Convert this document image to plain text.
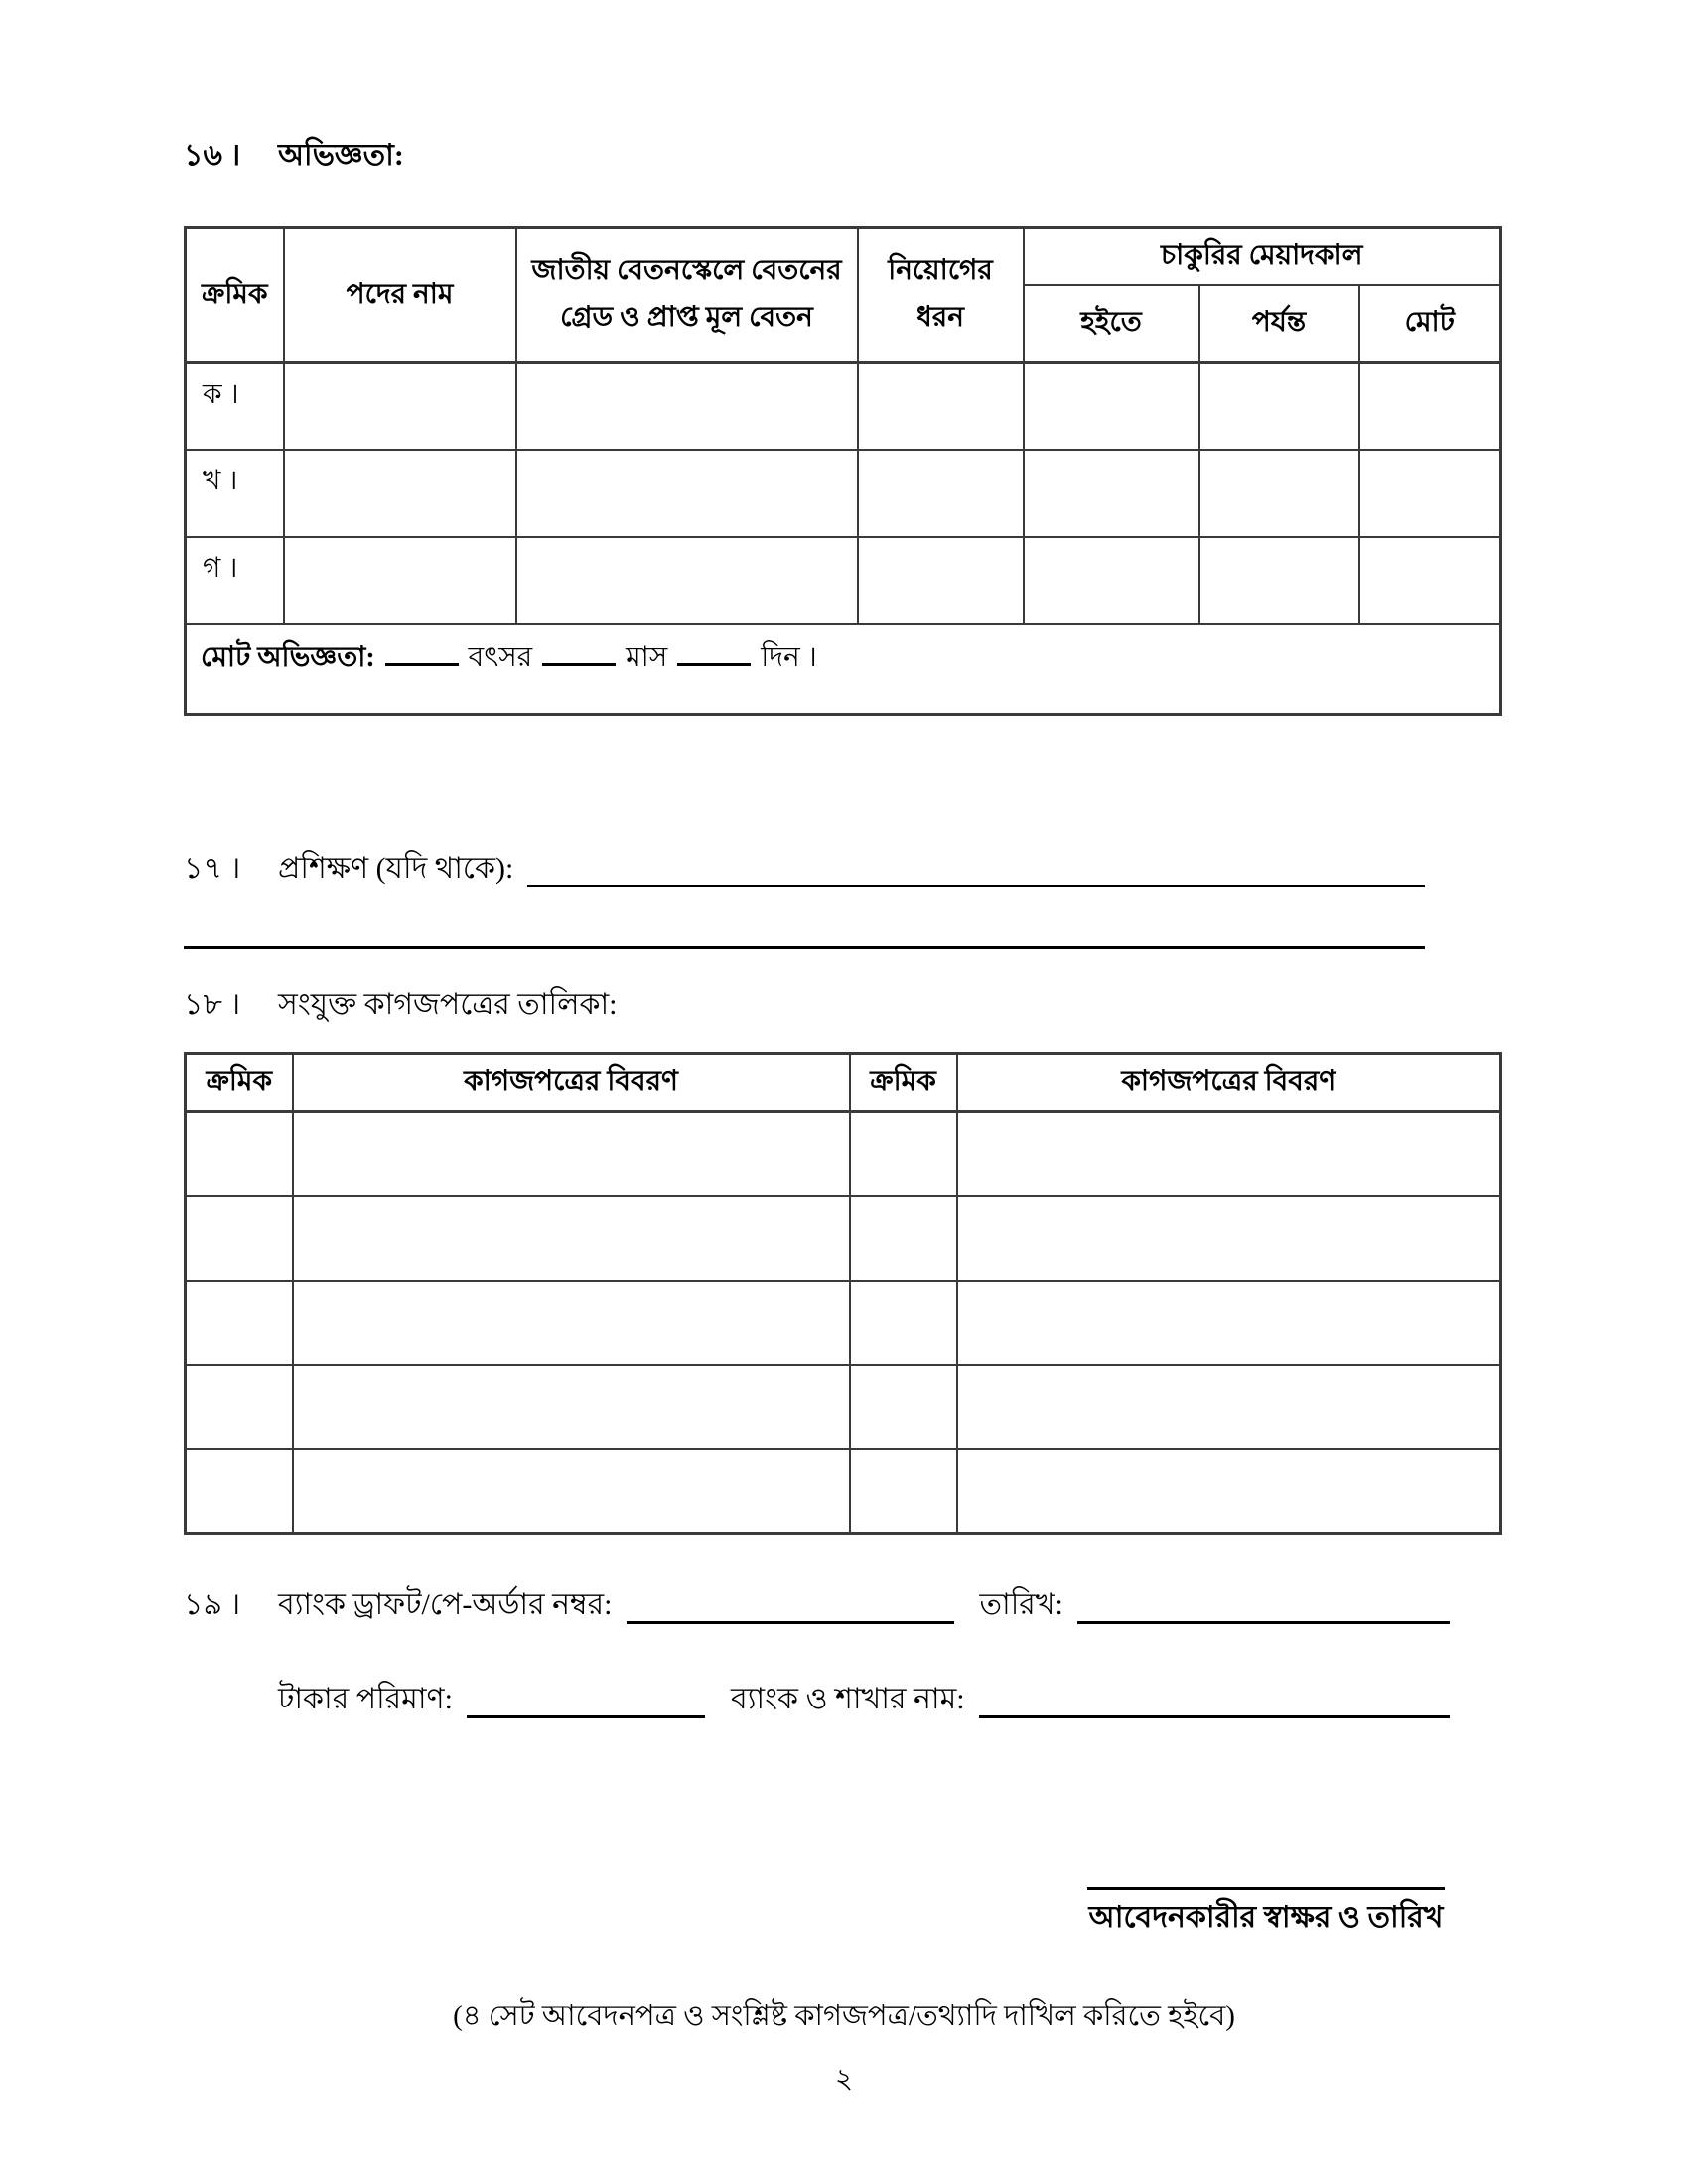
১৬ ।	অভিজ্ঞতা:
ক্রমিক	পদের নাম	জাতীয় বেতনস্কেলে বেতনের গ্রেড ও প্রাপ্ত মূল বেতন	নিয়োগের ধরন	চাকুরির মেয়াদকাল		
				হইতে	পর্যন্ত	মোট
ক ।						
খ ।						
গ ।						
মোট অভিজ্ঞতা: বৎসর মাস দিন ।						
১৭ ।	প্রশিক্ষণ (যদি থাকে):
১৮ ।	সংযুক্ত কাগজপত্রের তালিকা:
ক্রমিক	কাগজপত্রের বিবরণ	ক্রমিক	কাগজপত্রের বিবরণ

১৯ ।	ব্যাংক ড্রাফট/পে-অর্ডার নম্বর:	তারিখ:
টাকার পরিমাণ:	ব্যাংক ও শাখার নাম:
আবেদনকারীর স্বাক্ষর ও তারিখ
(৪ সেট আবেদনপত্র ও সংশ্লিষ্ট কাগজপত্র/তথ্যাদি দাখিল করিতে হইবে)
২
